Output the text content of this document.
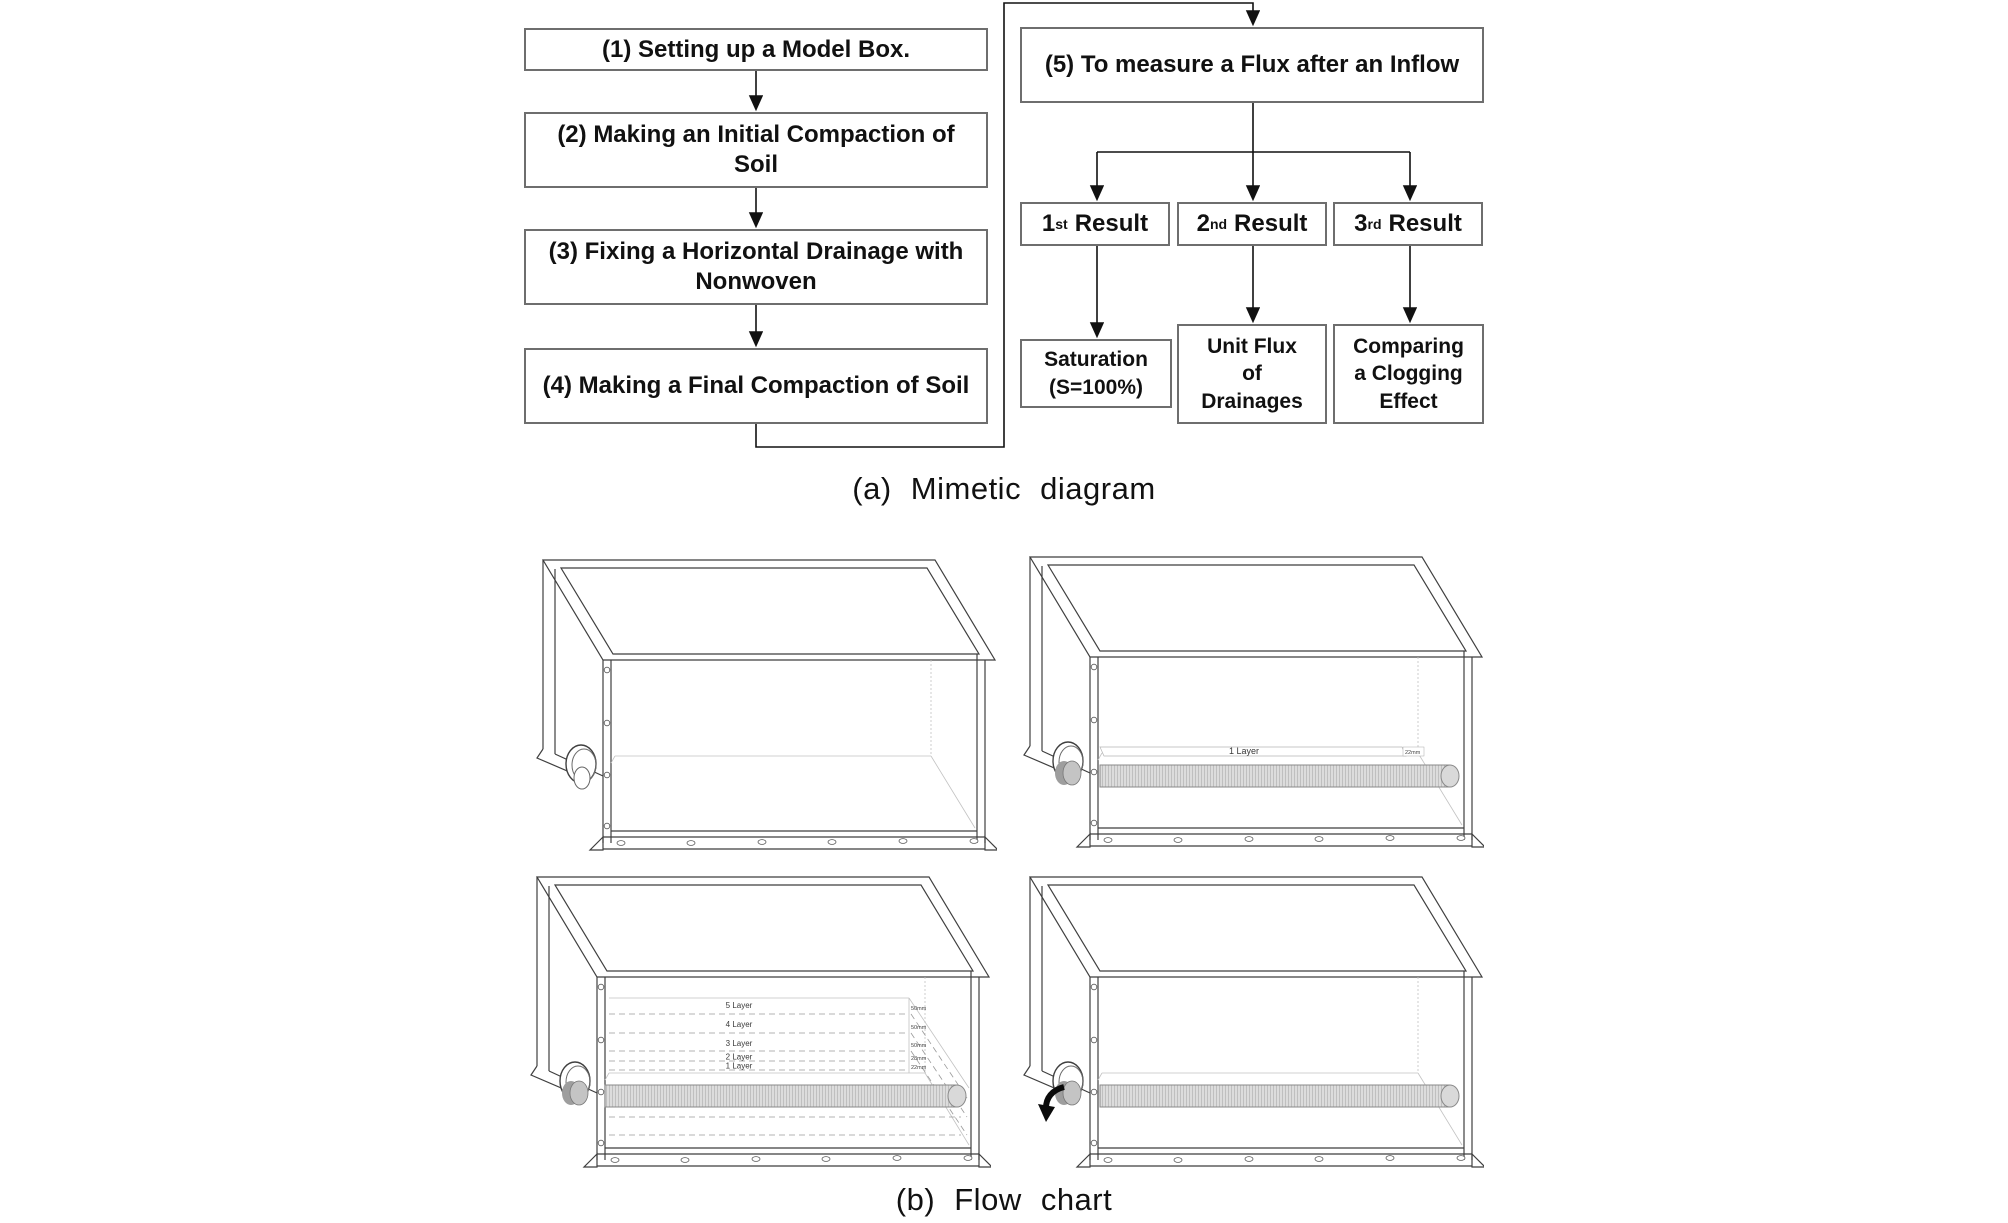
(1) Setting up a Model Box.
(2) Making an Initial Compaction of Soil
(3) Fixing a Horizontal Drainage with Nonwoven
(4) Making a Final Compaction of Soil
(5) To measure a Flux after an Inflow
1 st Result 2 nd Result 3 rd Result
Saturation
(S=100%)
Unit Flux
of
Drainages
Comparing
a Clogging
Effect
(a) Mimetic diagram
1 Layer	22mm
5 Layer
4 Layer
3 Layer
2 Layer
1 Layer
50mm
50mm
50mm
28mm
22mm
(b) Flow chart
